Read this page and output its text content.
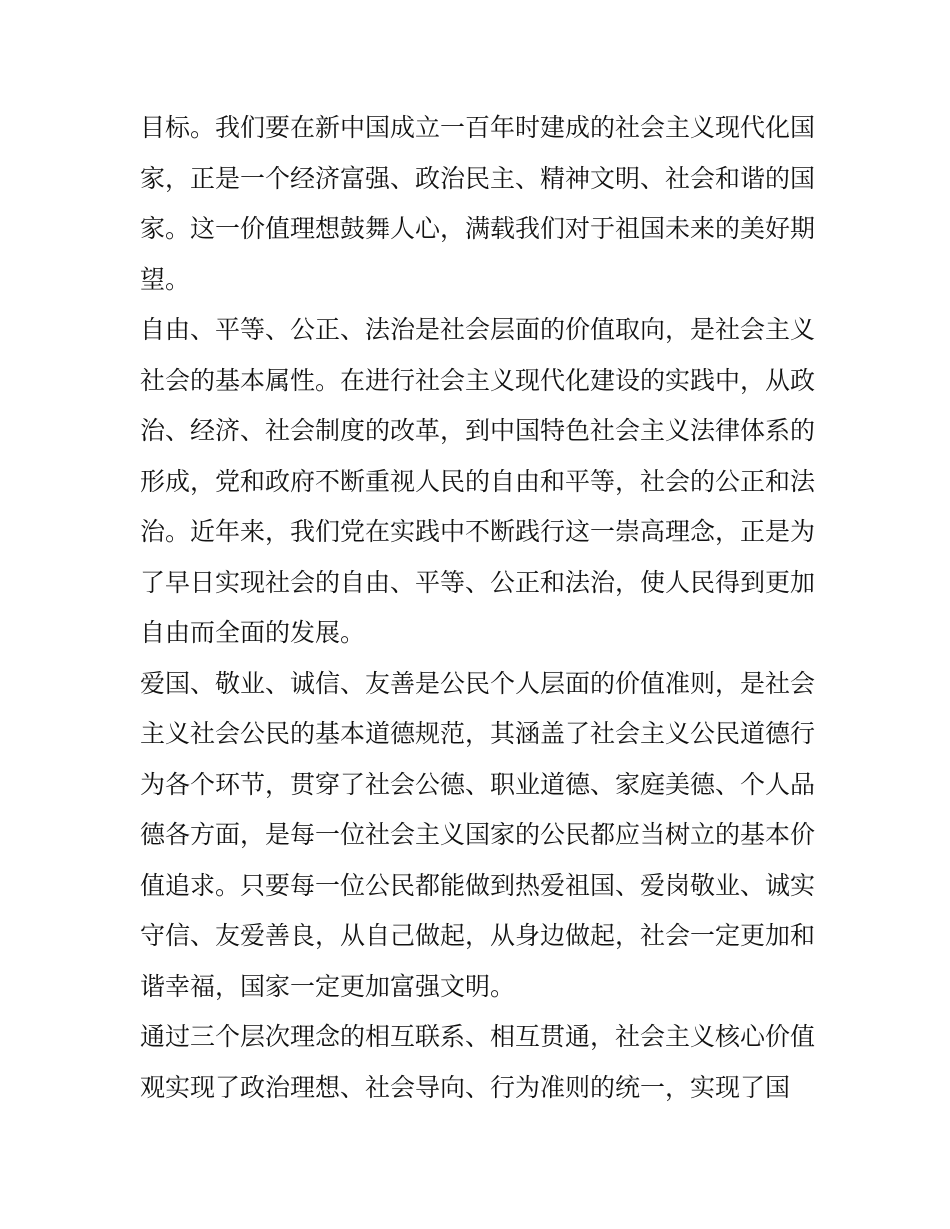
目标。我们要在新中国成立一百年时建成的社会主义现代化国
家，正是一个经济富强、政治民主、精神文明、社会和谐的国
家。这一价值理想鼓舞人心，满载我们对于祖国未来的美好期
望。
自由、平等、公正、法治是社会层面的价值取向，是社会主义
社会的基本属性。在进行社会主义现代化建设的实践中，从政
治、经济、社会制度的改革，到中国特色社会主义法律体系的
形成，党和政府不断重视人民的自由和平等，社会的公正和法
治。近年来，我们党在实践中不断践行这一崇高理念，正是为
了早日实现社会的自由、平等、公正和法治，使人民得到更加
自由而全面的发展。
爱国、敬业、诚信、友善是公民个人层面的价值准则，是社会
主义社会公民的基本道德规范，其涵盖了社会主义公民道德行
为各个环节，贯穿了社会公德、职业道德、家庭美德、个人品
德各方面，是每一位社会主义国家的公民都应当树立的基本价
值追求。只要每一位公民都能做到热爱祖国、爱岗敬业、诚实
守信、友爱善良，从自己做起，从身边做起，社会一定更加和
谐幸福，国家一定更加富强文明。
通过三个层次理念的相互联系、相互贯通，社会主义核心价值
观实现了政治理想、社会导向、行为准则的统一，实现了国
